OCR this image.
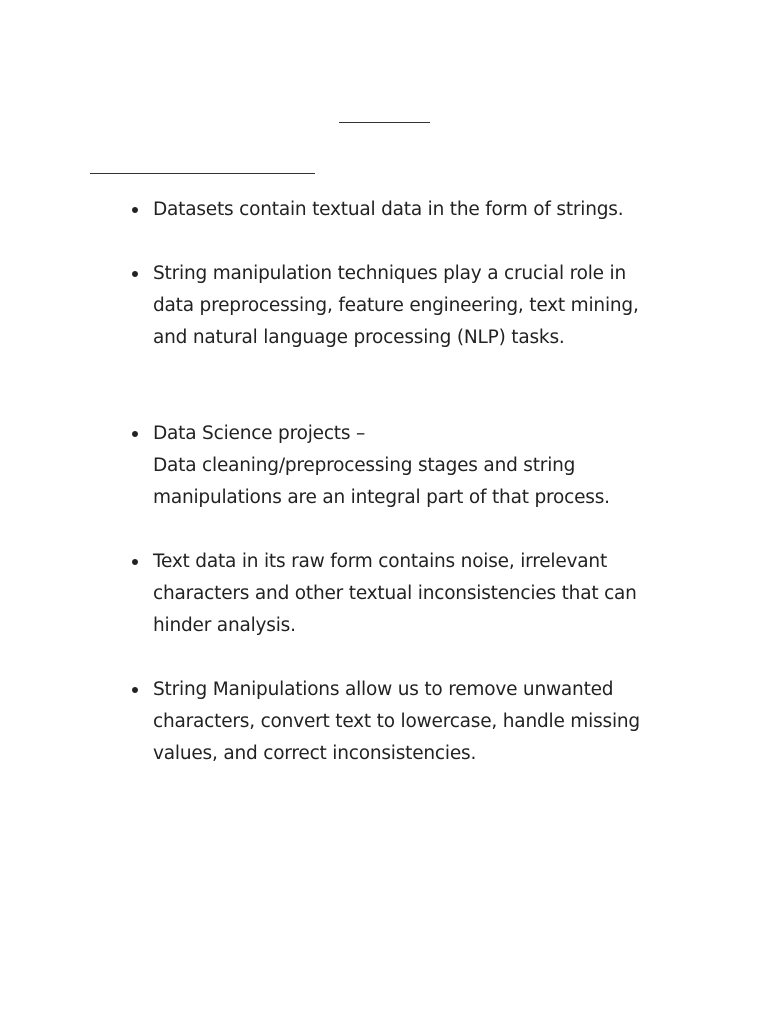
Datasets contain textual data in the form of strings.
String manipulation techniques play a crucial role in
data preprocessing, feature engineering, text mining,
and natural language processing (NLP) tasks.
Data Science projects –
Data cleaning/preprocessing stages and string
manipulations are an integral part of that process.
Text data in its raw form contains noise, irrelevant
characters and other textual inconsistencies that can
hinder analysis.
String Manipulations allow us to remove unwanted
characters, convert text to lowercase, handle missing
values, and correct inconsistencies.
